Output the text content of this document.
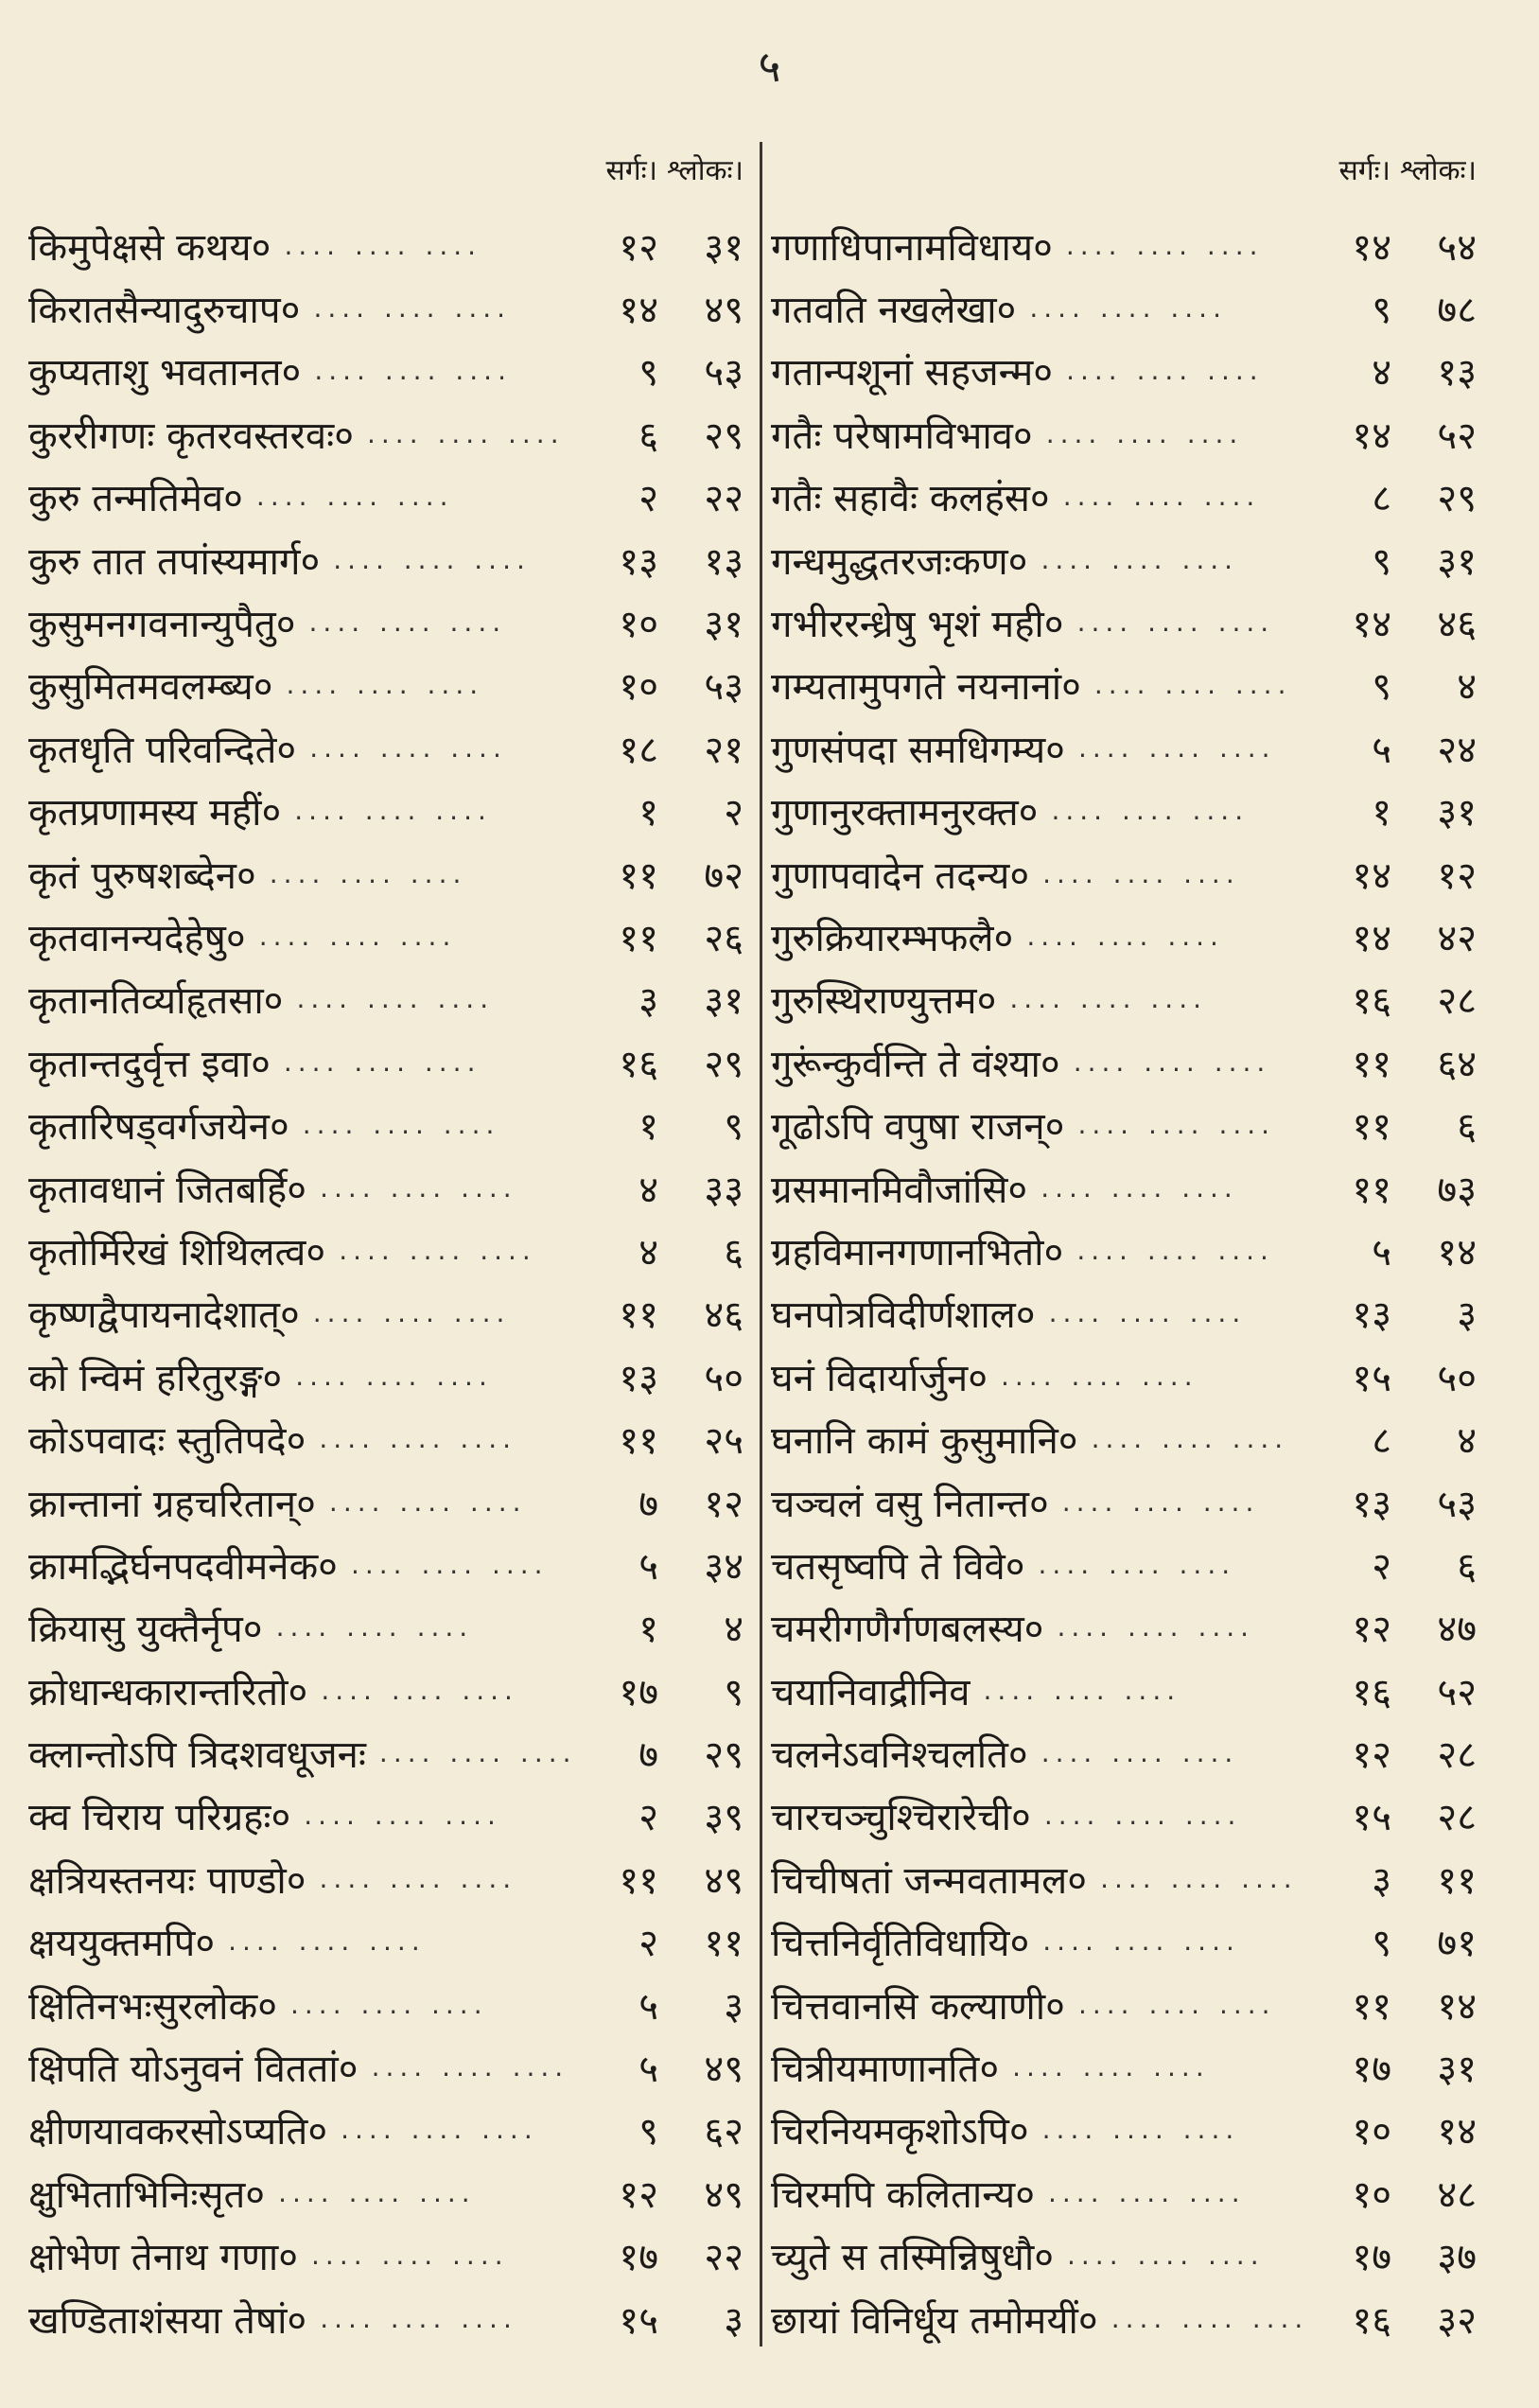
५
सर्गः। श्लोकः।
किमुपेक्षसे कथय० .... .... ....	१२	३१
किरातसैन्यादुरुचाप० .... .... ....	१४	४९
कुप्यताशु भवतानत० .... .... ....	९	५३
कुररीगणः कृतरवस्तरवः० .... .... ....	६	२९
कुरु तन्मतिमेव० .... .... ....	२	२२
कुरु तात तपांस्यमार्ग० .... .... ....	१३	१३
कुसुमनगवनान्युपैतु० .... .... ....	१०	३१
कुसुमितमवलम्ब्य० .... .... ....	१०	५३
कृतधृति परिवन्दिते० .... .... ....	१८	२१
कृतप्रणामस्य महीं० .... .... ....	१	२
कृतं पुरुषशब्देन० .... .... ....	११	७२
कृतवानन्यदेहेषु० .... .... ....	११	२६
कृतानतिर्व्याहृतसा० .... .... ....	३	३१
कृतान्तदुर्वृत्त इवा० .... .... ....	१६	२९
कृतारिषड्वर्गजयेन० .... .... ....	१	९
कृतावधानं जितबर्हि० .... .... ....	४	३३
कृतोर्मिरेखं शिथिलत्व० .... .... ....	४	६
कृष्णद्वैपायनादेशात्० .... .... ....	११	४६
को न्विमं हरितुरङ्ग० .... .... ....	१३	५०
कोऽपवादः स्तुतिपदे० .... .... ....	११	२५
क्रान्तानां ग्रहचरितान्० .... .... ....	७	१२
क्रामद्भिर्घनपदवीमनेक० .... .... ....	५	३४
क्रियासु युक्तैर्नृप० .... .... ....	१	४
क्रोधान्धकारान्तरितो० .... .... ....	१७	९
क्लान्तोऽपि त्रिदशवधूजनः .... .... ....	७	२९
क्व चिराय परिग्रहः० .... .... ....	२	३९
क्षत्रियस्तनयः पाण्डो० .... .... ....	११	४९
क्षययुक्तमपि० .... .... ....	२	११
क्षितिनभःसुरलोक० .... .... ....	५	३
क्षिपति योऽनुवनं विततां० .... .... ....	५	४९
क्षीणयावकरसोऽप्यति० .... .... ....	९	६२
क्षुभिताभिनिःसृत० .... .... ....	१२	४९
क्षोभेण तेनाथ गणा० .... .... ....	१७	२२
खण्डिताशंसया तेषां० .... .... ....	१५	३
सर्गः। श्लोकः।
गणाधिपानामविधाय० .... .... ....	१४	५४
गतवति नखलेखा० .... .... ....	९	७८
गतान्पशूनां सहजन्म० .... .... ....	४	१३
गतैः परेषामविभाव० .... .... ....	१४	५२
गतैः सहावैः कलहंस० .... .... ....	८	२९
गन्धमुद्धतरजःकण० .... .... ....	९	३१
गभीररन्ध्रेषु भृशं मही० .... .... ....	१४	४६
गम्यतामुपगते नयनानां० .... .... ....	९	४
गुणसंपदा समधिगम्य० .... .... ....	५	२४
गुणानुरक्तामनुरक्त० .... .... ....	१	३१
गुणापवादेन तदन्य० .... .... ....	१४	१२
गुरुक्रियारम्भफलै० .... .... ....	१४	४२
गुरुस्थिराण्युत्तम० .... .... ....	१६	२८
गुरूंन्कुर्वन्ति ते वंश्या० .... .... ....	११	६४
गूढोऽपि वपुषा राजन्० .... .... ....	११	६
ग्रसमानमिवौजांसि० .... .... ....	११	७३
ग्रहविमानगणानभितो० .... .... ....	५	१४
घनपोत्रविदीर्णशाल० .... .... ....	१३	३
घनं विदार्यार्जुन० .... .... ....	१५	५०
घनानि कामं कुसुमानि० .... .... ....	८	४
चञ्चलं वसु नितान्त० .... .... ....	१३	५३
चतसृष्वपि ते विवे० .... .... ....	२	६
चमरीगणैर्गणबलस्य० .... .... ....	१२	४७
चयानिवाद्रीनिव .... .... ....	१६	५२
चलनेऽवनिश्चलति० .... .... ....	१२	२८
चारचञ्चुश्चिरारेची० .... .... ....	१५	२८
चिचीषतां जन्मवतामल० .... .... ....	३	११
चित्तनिर्वृतिविधायि० .... .... ....	९	७१
चित्तवानसि कल्याणी० .... .... ....	११	१४
चित्रीयमाणानति० .... .... ....	१७	३१
चिरनियमकृशोऽपि० .... .... ....	१०	१४
चिरमपि कलितान्य० .... .... ....	१०	४८
च्युते स तस्मिन्निषुधौ० .... .... ....	१७	३७
छायां विनिर्धूय तमोमयीं० .... .... ....	१६	३२
